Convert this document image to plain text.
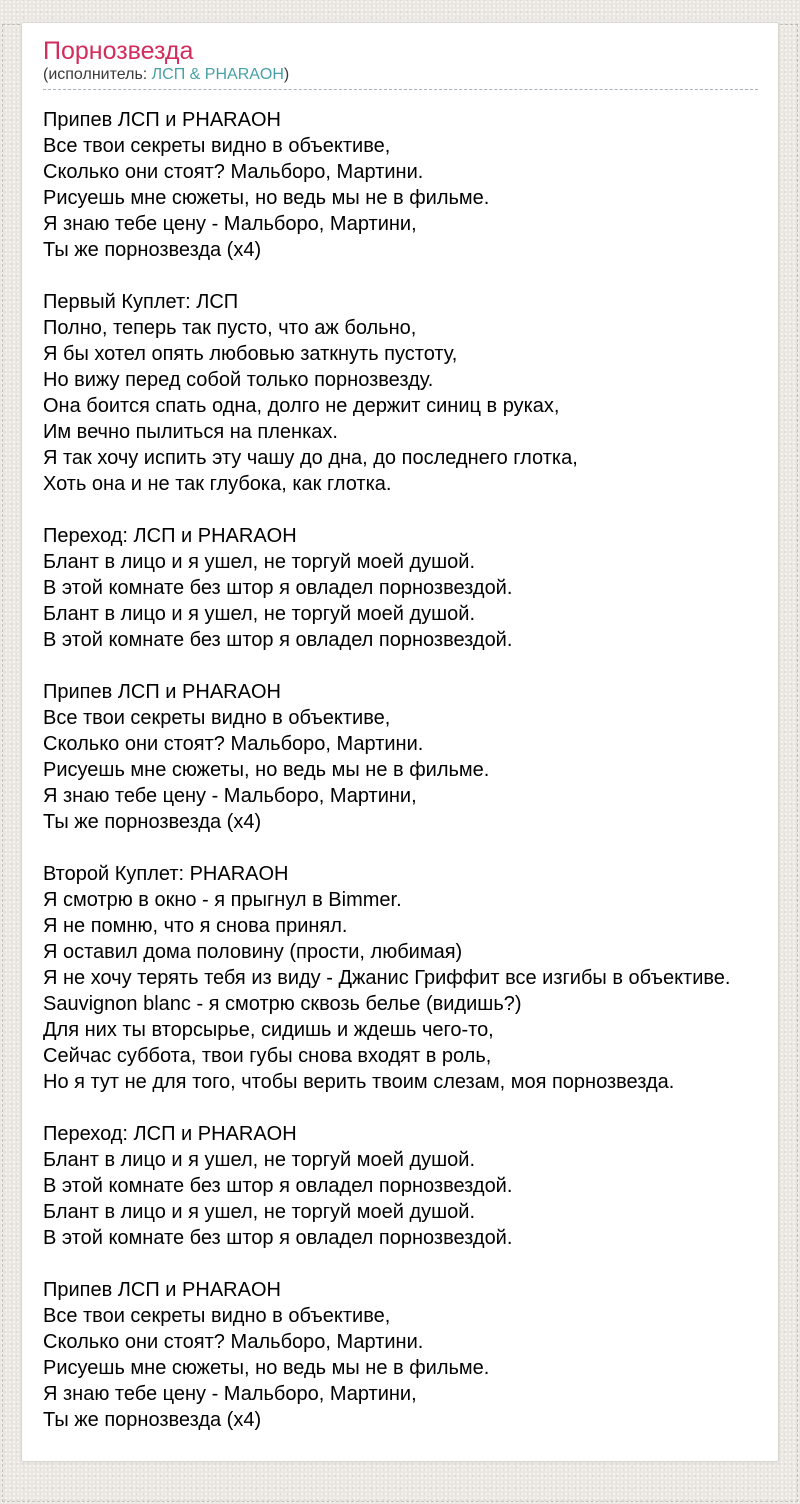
Порнозвезда
(исполнитель: ЛСП & PHARAOH)
Припев ЛСП и PHARAOH
Все твои секреты видно в объективе,
Сколько они стоят? Мальборо, Мартини.
Рисуешь мне сюжеты, но ведь мы не в фильме.
Я знаю тебе цену - Мальборо, Мартини,
Ты же порнозвезда (x4)
Первый Куплет: ЛСП
Полно, теперь так пусто, что аж больно,
Я бы хотел опять любовью заткнуть пустоту,
Но вижу перед собой только порнозвезду.
Она боится спать одна, долго не держит синиц в руках,
Им вечно пылиться на пленках.
Я так хочу испить эту чашу до дна, до последнего глотка,
Хоть она и не так глубока, как глотка.
Переход: ЛСП и PHARAOH
Блант в лицо и я ушел, не торгуй моей душой.
В этой комнате без штор я овладел порнозвездой.
Блант в лицо и я ушел, не торгуй моей душой.
В этой комнате без штор я овладел порнозвездой.
Припев ЛСП и PHARAOH
Все твои секреты видно в объективе,
Сколько они стоят? Мальборо, Мартини.
Рисуешь мне сюжеты, но ведь мы не в фильме.
Я знаю тебе цену - Мальборо, Мартини,
Ты же порнозвезда (x4)
Второй Куплет: PHARAOH
Я смотрю в окно - я прыгнул в Bimmer.
Я не помню, что я снова принял.
Я оставил дома половину (прости, любимая)
Я не хочу терять тебя из виду - Джанис Гриффит все изгибы в объективе.
Sauvignon blanc - я смотрю сквозь белье (видишь?)
Для них ты вторсырье, сидишь и ждешь чего-то,
Сейчас суббота, твои губы снова входят в роль,
Но я тут не для того, чтобы верить твоим слезам, моя порнозвезда.
Переход: ЛСП и PHARAOH
Блант в лицо и я ушел, не торгуй моей душой.
В этой комнате без штор я овладел порнозвездой.
Блант в лицо и я ушел, не торгуй моей душой.
В этой комнате без штор я овладел порнозвездой.
Припев ЛСП и PHARAOH
Все твои секреты видно в объективе,
Сколько они стоят? Мальборо, Мартини.
Рисуешь мне сюжеты, но ведь мы не в фильме.
Я знаю тебе цену - Мальборо, Мартини,
Ты же порнозвезда (x4)
